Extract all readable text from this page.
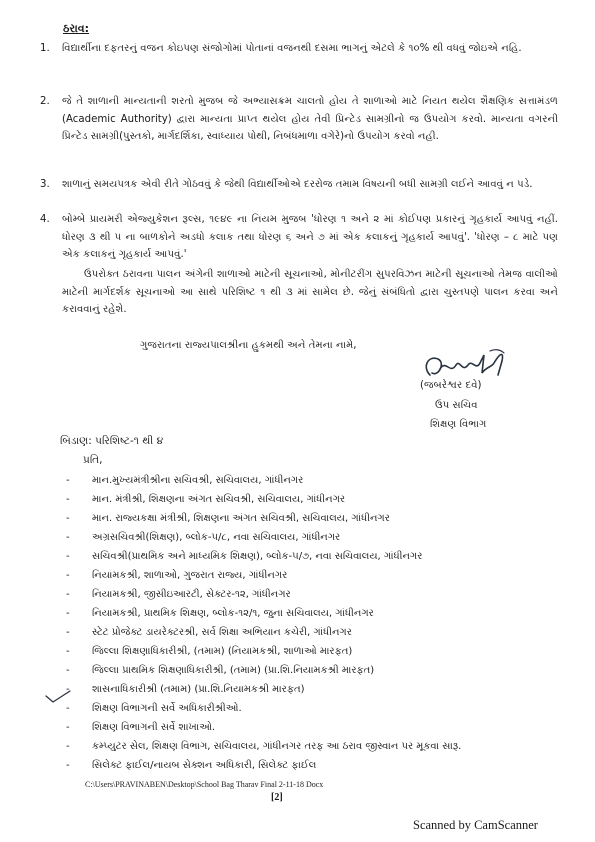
ઠરાવ:
1.	વિદ્યાર્થીના દફતરનું વજન કોઇપણ સંજોગોમાં પોતાનાં વજનથી દસમા ભાગનું એટલે કે ૧૦% થી વધવું જોઇએ નહિ.
2.	જે તે શાળાની માન્યતાની શરતો મુજબ જે અભ્યાસક્રમ ચાલતો હોય તે શાળાઓ માટે નિયત થયેલ શૈક્ષણિક સત્તામંડળ (Academic Authority) દ્વારા માન્યતા પ્રાપ્ત થયેલ હોય તેવી પ્રિન્ટેડ સામગ્રીનો જ ઉપયોગ કરવો. માન્યતા વગરની પ્રિન્ટેડ સામગ્રી(પુસ્તકો, માર્ગદર્શિકા, સ્વાધ્યાય પોથી, નિબંધમાળા વગેરે)નો ઉપયોગ કરવો નહી.
3.	શાળાનું સમયપત્રક એવી રીતે ગોઠવવું કે જેથી વિદ્યાર્થીઓએ દરરોજ તમામ વિષયની બધી સામગ્રી લઈને આવવું ન પડે.
4.	બોમ્બે પ્રાયમરી એજ્યુકેશન રૂલ્સ, ૧૯૪૯ ના નિયમ મુજબ 'ધોરણ ૧ અને ૨ માં કોઈપણ પ્રકારનું ગૃહકાર્ય આપવું નહીં. ધોરણ ૩ થી ૫ ના બાળકોને અડધો કલાક તથા ધોરણ ૬ અને ૭ માં એક કલાકનું ગૃહકાર્ય આપવું'. 'ધોરણ – ૮ માટે પણ એક કલાકનું ગૃહકાર્ય આપવું.'
ઉપરોક્ત ઠરાવના પાલન અંગેની શાળાઓ માટેની સૂચનાઓ, મોનીટરીંગ સુપરવિઝન માટેની સૂચનાઓ તેમજ વાલીઓ માટેની માર્ગદર્શક સૂચનાઓ આ સાથે પરિશિષ્ટ ૧ થી ૩ માં સામેલ છે. જેનું સંબંધિતો દ્વારા ચુસ્તપણે પાલન કરવા અને કરાવવાનું રહેશે.
ગુજરાતના રાજ્યપાલશ્રીના હુકમથી અને તેમના નામે,
(જબરેશ્વર દવે)
ઉપ સચિવ
શિક્ષણ વિભાગ
બિડાણ: પરિશિષ્ટ-૧ થી ૪
પ્રતિ,
-	માન.મુખ્યમંત્રીશ્રીના સચિવશ્રી, સચિવાલય, ગાંધીનગર
-	માન. મંત્રીશ્રી, શિક્ષણના અંગત સચિવશ્રી, સચિવાલય, ગાંધીનગર
-	માન. રાજ્યકક્ષા મંત્રીશ્રી, શિક્ષણના અંગત સચિવશ્રી, સચિવાલય, ગાંધીનગર
-	અગ્રસચિવશ્રી(શિક્ષણ), બ્લોક-૫/૮, નવા સચિવાલય, ગાંધીનગર
-	સચિવશ્રી(પ્રાથમિક અને માધ્યમિક શિક્ષણ), બ્લોક-૫/૭, નવા સચિવાલય, ગાંધીનગર
-	નિયામકશ્રી, શાળાઓ, ગુજરાત રાજ્ય, ગાંધીનગર
-	નિયામકશ્રી, જીસીઇઆરટી, સેક્ટર-૧૨, ગાંધીનગર
-	નિયામકશ્રી, પ્રાથમિક શિક્ષણ, બ્લોક-૧૨/૧, જુના સચિવાલય, ગાંધીનગર
-	સ્ટેટ પ્રોજેક્ટ ડાયરેક્ટરશ્રી, સર્વ શિક્ષા અભિયાન કચેરી, ગાંધીનગર
-	જિલ્લા શિક્ષણાધિકારીશ્રી, (તમામ) (નિયામકશ્રી, શાળાઓ મારફત)
-	જિલ્લા પ્રાથમિક શિક્ષણાધિકારીશ્રી, (તમામ) (પ્રા.શિ.નિયામકશ્રી મારફત)
-	શાસનાધિકારીશ્રી (તમામ) (પ્રા.શિ.નિયામકશ્રી મારફત)
-	શિક્ષણ વિભાગની સર્વે અધિકારીશ્રીઓ.
-	શિક્ષણ વિભાગની સર્વે શાખાઓ.
-	કમ્પ્યુટર સેલ, શિક્ષણ વિભાગ, સચિવાલય, ગાંધીનગર તરફ આ ઠરાવ જીસ્વાન પર મૂકવા સારૂ.
-	સિલેક્ટ ફાઈલ/નાયબ સેક્શન અધિકારી, સિલેક્ટ ફાઈલ
C:\Users\PRAVINABEN\Desktop\School Bag Tharav Final 2-11-18 Docx
[2]
Scanned by CamScanner
